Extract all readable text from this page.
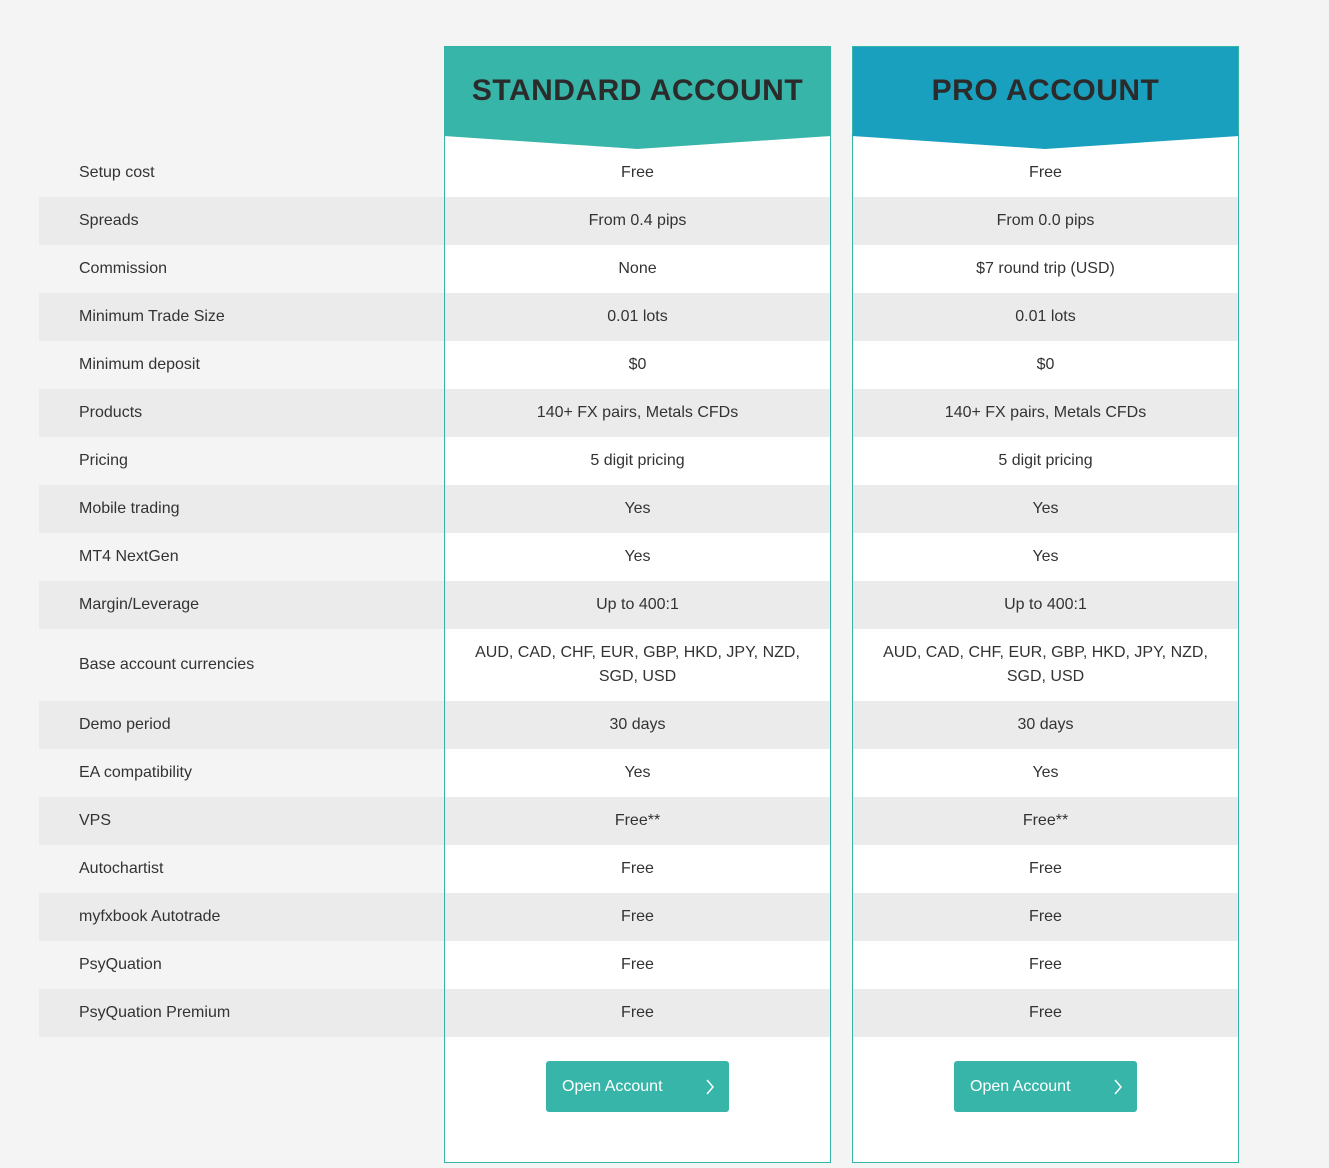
Setup cost
Spreads
Commission
Minimum Trade Size
Minimum deposit
Products
Pricing
Mobile trading
MT4 NextGen
Margin/Leverage
Base account currencies
Demo period
EA compatibility
VPS
Autochartist
myfxbook Autotrade
PsyQuation
PsyQuation Premium
STANDARD ACCOUNT
Free
From 0.4 pips
None
0.01 lots
$0
140+ FX pairs, Metals CFDs
5 digit pricing
Yes
Yes
Up to 400:1
AUD, CAD, CHF, EUR, GBP, HKD, JPY, NZD, SGD, USD
30 days
Yes
Free**
Free
Free
Free
Free
Open Account
PRO ACCOUNT
Free
From 0.0 pips
$7 round trip (USD)
0.01 lots
$0
140+ FX pairs, Metals CFDs
5 digit pricing
Yes
Yes
Up to 400:1
AUD, CAD, CHF, EUR, GBP, HKD, JPY, NZD, SGD, USD
30 days
Yes
Free**
Free
Free
Free
Free
Open Account
